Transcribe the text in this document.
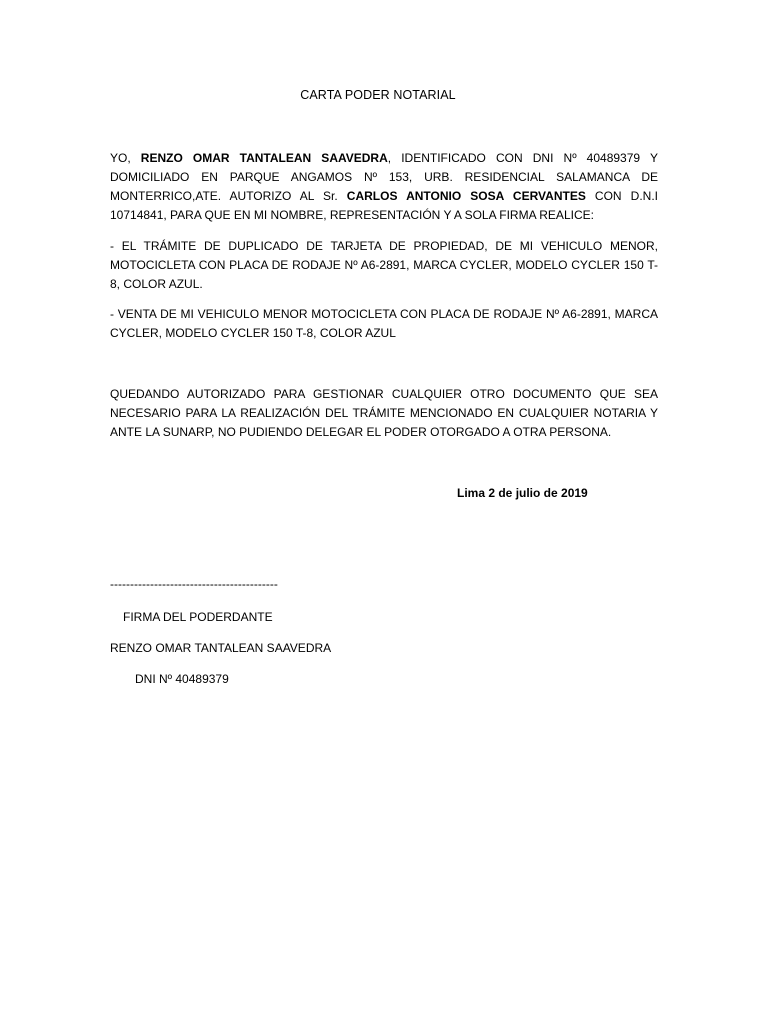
CARTA PODER NOTARIAL
YO, RENZO OMAR TANTALEAN SAAVEDRA, IDENTIFICADO CON DNI Nº 40489379 Y DOMICILIADO EN PARQUE ANGAMOS Nº 153, URB. RESIDENCIAL SALAMANCA DE MONTERRICO,ATE. AUTORIZO AL Sr. CARLOS ANTONIO SOSA CERVANTES CON D.N.I 10714841, PARA QUE EN MI NOMBRE, REPRESENTACIÓN Y A SOLA FIRMA REALICE:
- EL TRÁMITE DE DUPLICADO DE TARJETA DE PROPIEDAD, DE MI VEHICULO MENOR, MOTOCICLETA CON PLACA DE RODAJE Nº A6-2891, MARCA CYCLER, MODELO CYCLER 150 T-8, COLOR AZUL.
- VENTA DE MI VEHICULO MENOR MOTOCICLETA CON PLACA DE RODAJE Nº A6-2891, MARCA CYCLER, MODELO CYCLER 150 T-8, COLOR AZUL
QUEDANDO AUTORIZADO PARA GESTIONAR CUALQUIER OTRO DOCUMENTO QUE SEA NECESARIO PARA LA REALIZACIÓN DEL TRÁMITE MENCIONADO EN CUALQUIER NOTARIA Y ANTE LA SUNARP, NO PUDIENDO DELEGAR EL PODER OTORGADO A OTRA PERSONA.
Lima 2 de julio de 2019
------------------------------------------
FIRMA DEL PODERDANTE
RENZO OMAR TANTALEAN SAAVEDRA
DNI Nº 40489379
